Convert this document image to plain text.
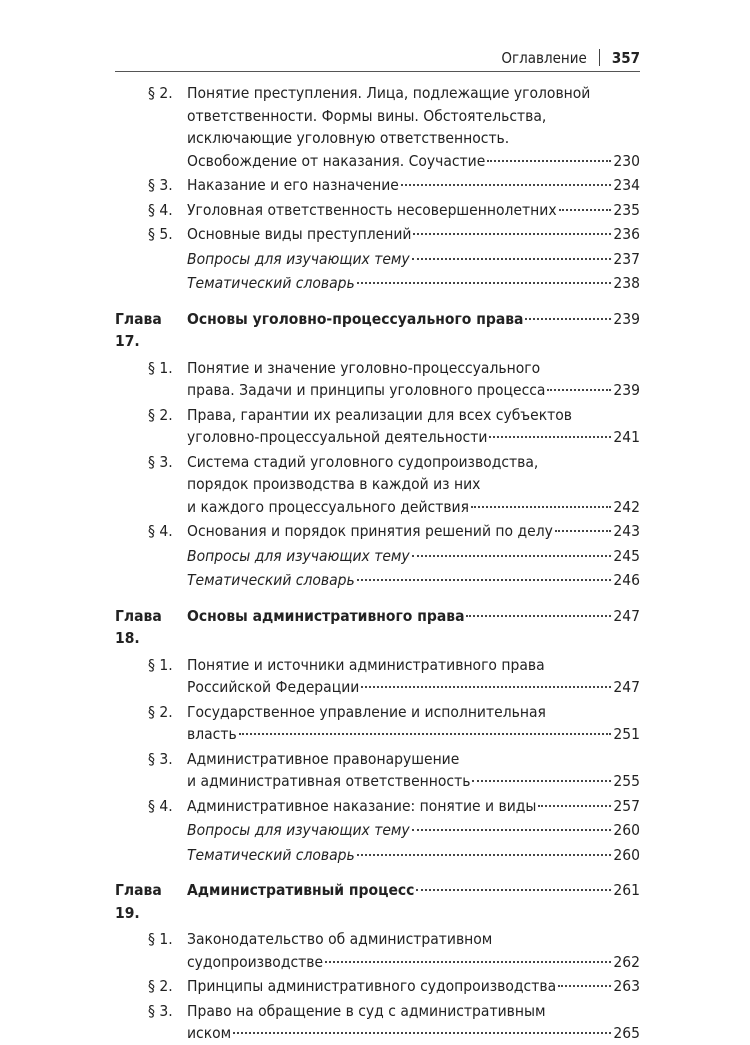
Оглавление 357
§ 2. Понятие преступления. Лица, подлежащие уголовной
ответственности. Формы вины. Обстоятельства,
исключающие уголовную ответственность.
Освобождение от наказания. Соучастие	230
§ 3. Наказание и его назначение	234
§ 4. Уголовная ответственность несовершеннолетних	235
§ 5. Основные виды преступлений	236
Вопросы для изучающих тему	237
Тематический словарь	238
Глава 17.
Основы уголовно-процессуального права	239
§ 1. Понятие и значение уголовно-процессуального
права. Задачи и принципы уголовного процесса	239
§ 2. Права, гарантии их реализации для всех субъектов
уголовно-процессуальной деятельности	241
§ 3. Система стадий уголовного судопроизводства,
порядок производства в каждой из них
и каждого процессуального действия	242
§ 4. Основания и порядок принятия решений по делу	243
Вопросы для изучающих тему	245
Тематический словарь	246
Глава 18.
Основы административного права	247
§ 1. Понятие и источники административного права
Российской Федерации	247
§ 2. Государственное управление и исполнительная
власть	251
§ 3. Административное правонарушение
и административная ответственность	255
§ 4. Административное наказание: понятие и виды	257
Вопросы для изучающих тему	260
Тематический словарь	260
Глава 19.
Административный процесс	261
§ 1. Законодательство об административном
судопроизводстве	262
§ 2. Принципы административного судопроизводства	263
§ 3. Право на обращение в суд с административным
иском	265
